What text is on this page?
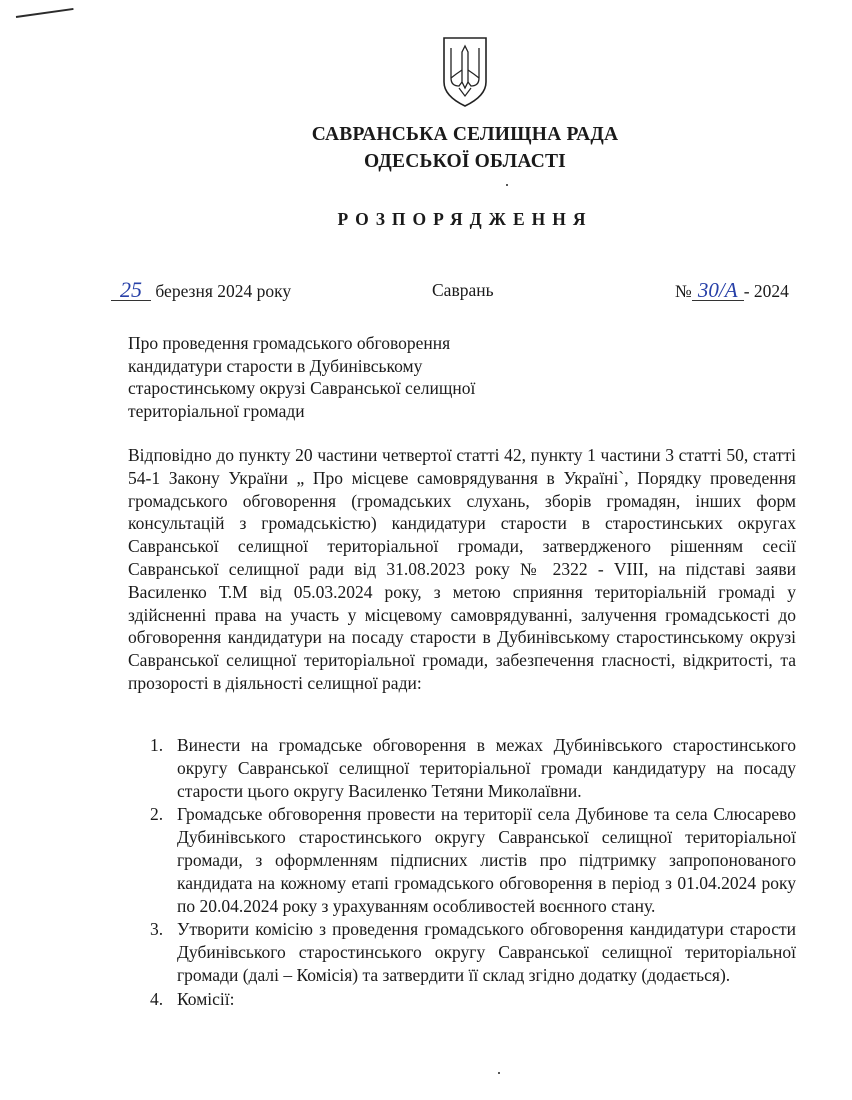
САВРАНСЬКА СЕЛИЩНА РАДА
ОДЕСЬКОЇ ОБЛАСТІ
РОЗПОРЯДЖЕННЯ
25 березня 2024 року	Саврань	№ 30/А - 2024
Про проведення громадського обговорення кандидатури старости в Дубинівському старостинському окрузі Савранської селищної територіальної громади
Відповідно до пункту 20 частини четвертої статті 42, пункту 1 частини 3 статті 50, статті 54-1 Закону України „ Про місцеве самоврядування в Україні`, Порядку проведення громадського обговорення (громадських слухань, зборів громадян, інших форм консультацій з громадськістю) кандидатури старости в старостинських округах Савранської селищної територіальної громади, затвердженого рішенням сесії Савранської селищної ради від 31.08.2023 року № 2322 - VIII, на підставі заяви Василенко Т.М від 05.03.2024 року, з метою сприяння територіальній громаді у здійсненні права на участь у місцевому самоврядуванні, залучення громадськості до обговорення кандидатури на посаду старости в Дубинівському старостинському окрузі Савранської селищної територіальної громади, забезпечення гласності, відкритості, та прозорості в діяльності селищної ради:
1. Винести на громадське обговорення в межах Дубинівського старостинського округу Савранської селищної територіальної громади кандидатуру на посаду старости цього округу Василенко Тетяни Миколаївни.
2. Громадське обговорення провести на території села Дубинове та села Слюсарево Дубинівського старостинського округу Савранської селищної територіальної громади, з оформленням підписних листів про підтримку запропонованого кандидата на кожному етапі громадського обговорення в період з 01.04.2024 року по 20.04.2024 року з урахуванням особливостей воєнного стану.
3. Утворити комісію з проведення громадського обговорення кандидатури старости Дубинівського старостинського округу Савранської селищної територіальної громади (далі – Комісія) та затвердити її склад згідно додатку (додається).
4. Комісії:
